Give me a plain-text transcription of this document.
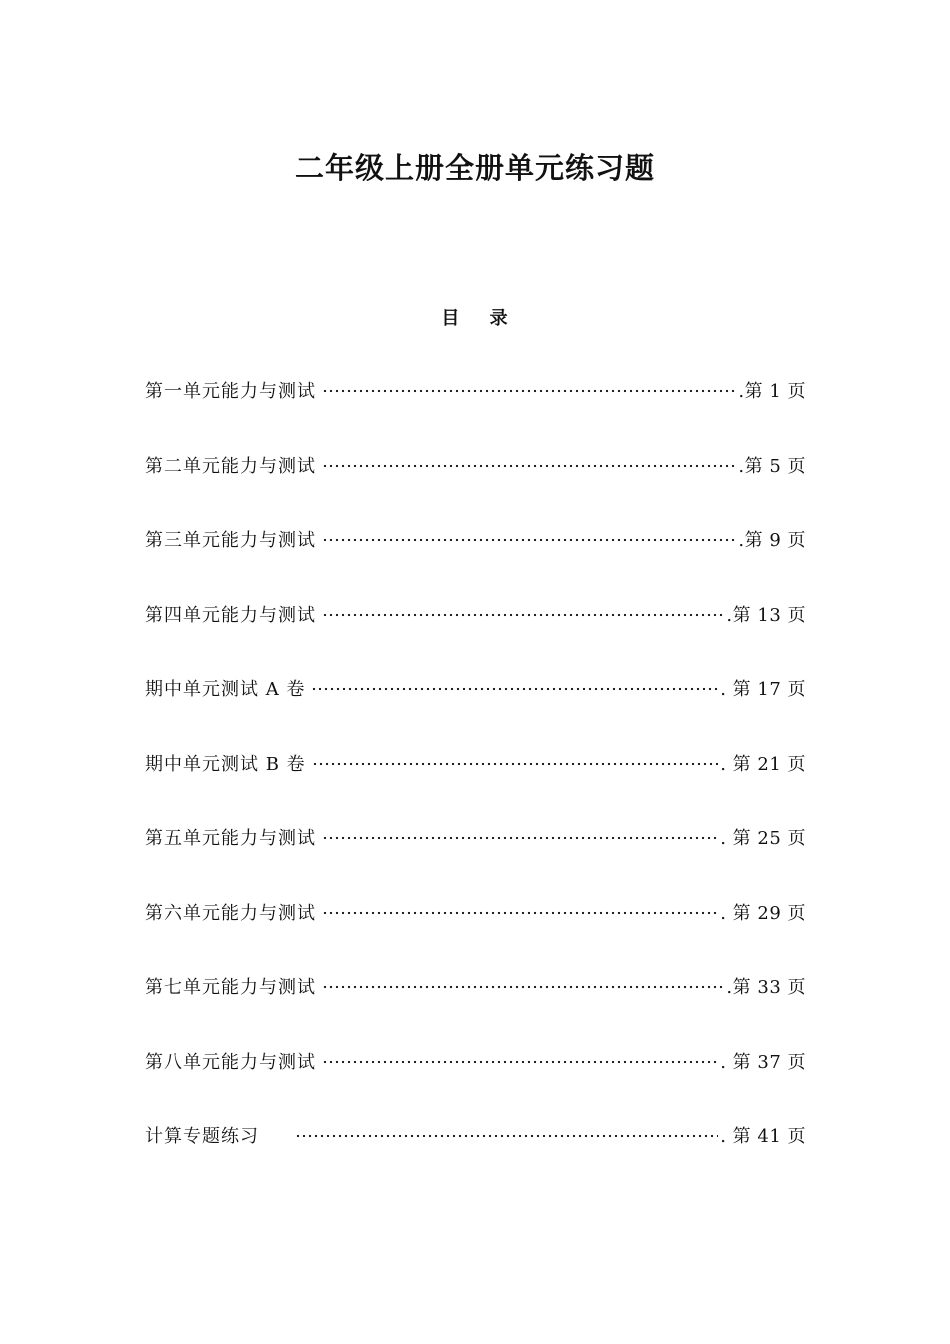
二年级上册全册单元练习题
目 录
第一单元能力与测试	.第 1 页
第二单元能力与测试	.第 5 页
第三单元能力与测试	.第 9 页
第四单元能力与测试	.第 13 页
期中单元测试 A 卷	. 第 17 页
期中单元测试 B 卷	. 第 21 页
第五单元能力与测试	. 第 25 页
第六单元能力与测试	. 第 29 页
第七单元能力与测试	.第 33 页
第八单元能力与测试	. 第 37 页
计算专题练习	. 第 41 页
